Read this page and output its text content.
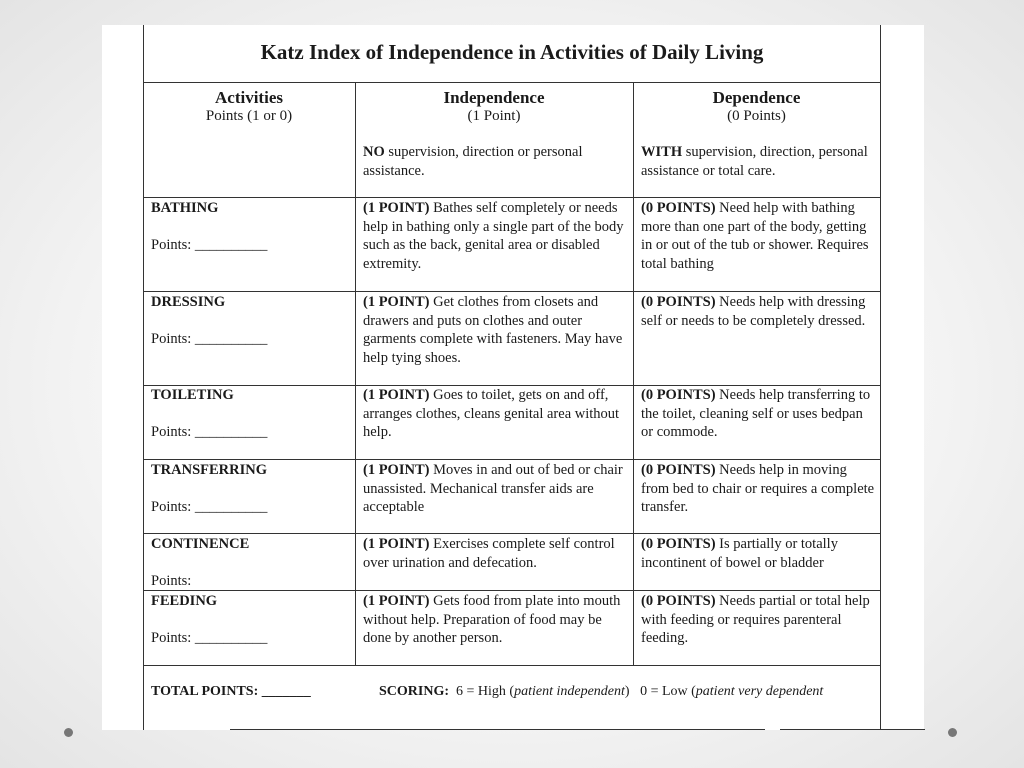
Katz Index of Independence in Activities of Daily Living
Activities
Points (1 or 0)
Independence
(1 Point)
Dependence
(0 Points)
NO supervision, direction or personal assistance.
WITH supervision, direction, personal assistance or total care.
BATHING
Points: __________
(1 POINT) Bathes self completely or needs help in bathing only a single part of the body such as the back, genital area or disabled extremity.
(0 POINTS) Need help with bathing more than one part of the body, getting in or out of the tub or shower. Requires total bathing
DRESSING
Points: __________
(1 POINT) Get clothes from closets and drawers and puts on clothes and outer garments complete with fasteners. May have help tying shoes.
(0 POINTS) Needs help with dressing self or needs to be completely dressed.
TOILETING
Points: __________
(1 POINT) Goes to toilet, gets on and off, arranges clothes, cleans genital area without help.
(0 POINTS) Needs help transferring to the toilet, cleaning self or uses bedpan or commode.
TRANSFERRING
Points: __________
(1 POINT) Moves in and out of bed or chair unassisted. Mechanical transfer aids are acceptable
(0 POINTS) Needs help in moving from bed to chair or requires a complete transfer.
CONTINENCE
Points:
(1 POINT) Exercises complete self control over urination and defecation.
(0 POINTS) Is partially or totally incontinent of bowel or bladder
FEEDING
Points: __________
(1 POINT) Gets food from plate into mouth without help. Preparation of food may be done by another person.
(0 POINTS) Needs partial or total help with feeding or requires parenteral feeding.
TOTAL POINTS: _______	SCORING: 6 = High (patient independent) 0 = Low (patient very dependent
